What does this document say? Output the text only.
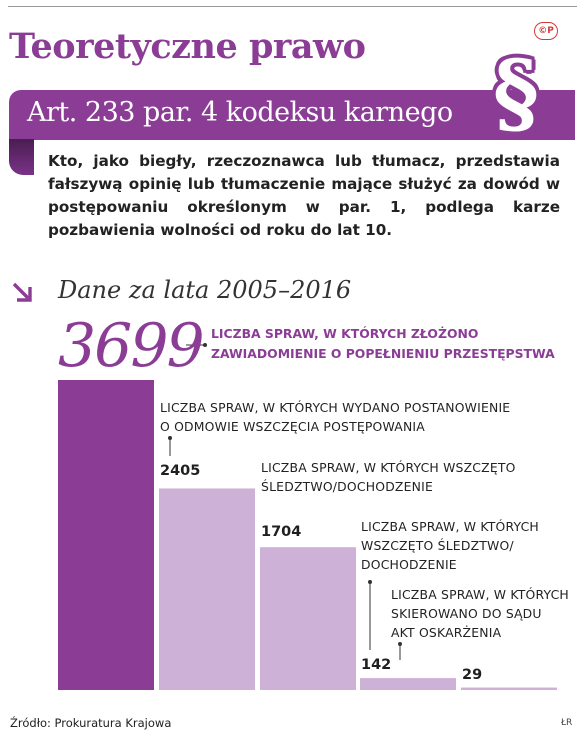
Teoretyczne prawo	©P
Art. 233 par. 4 kodeksu karnego §
Kto, jako biegły, rzeczoznawca lub tłumacz, przedstawia fałszywą opinię lub tłumaczenie mające służyć za dowód w postępowaniu określonym w par. 1, podlega karze pozbawienia wolności od roku do lat 10.
Dane za lata 2005–2016
3699 LICZBA SPRAW, W KTÓRYCH ZŁOŻONO
ZAWIADOMIENIE O POPEŁNIENIU PRZESTĘPSTWA
LICZBA SPRAW, W KTÓRYCH WYDANO POSTANOWIENIE
O ODMOWIE WSZCZĘCIA POSTĘPOWANIA
2405	LICZBA SPRAW, W KTÓRYCH WSZCZĘTO
ŚLEDZTWO/DOCHODZENIE
1704	LICZBA SPRAW, W KTÓRYCH
WSZCZĘTO ŚLEDZTWO/
DOCHODZENIE
142
LICZBA SPRAW, W KTÓRYCH
SKIEROWANO DO SĄDU
AKT OSKARŻENIA
29
Źródło: Prokuratura Krajowa	ŁR
